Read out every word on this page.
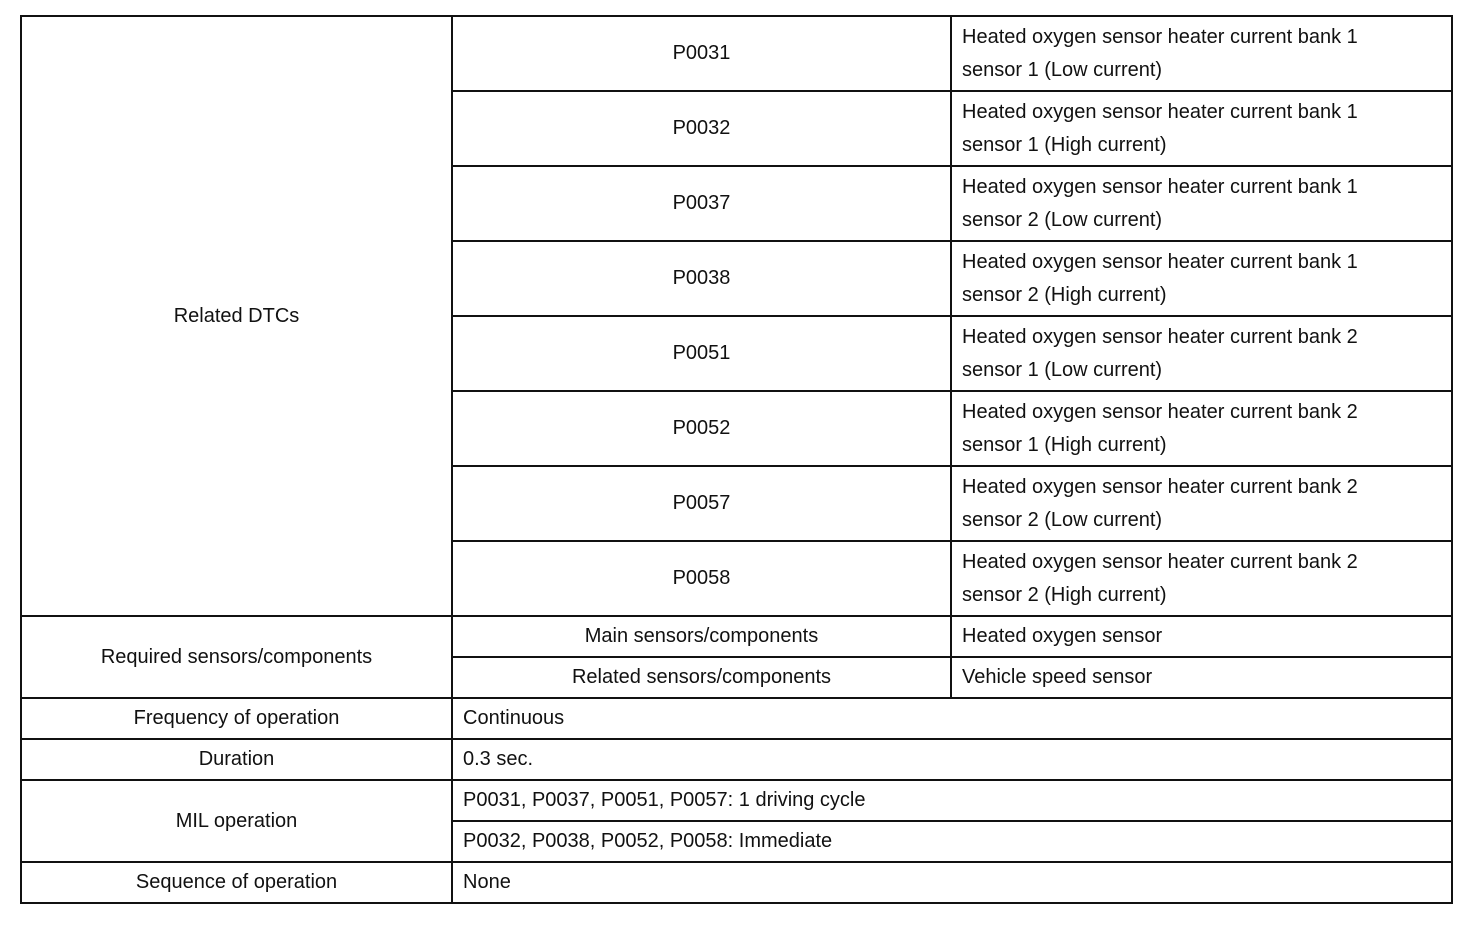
Related DTCs	P0031	Heated oxygen sensor heater current bank 1
sensor 1 (Low current)

	P0032	Heated oxygen sensor heater current bank 1
sensor 1 (High current)

	P0037	Heated oxygen sensor heater current bank 1
sensor 2 (Low current)

	P0038	Heated oxygen sensor heater current bank 1
sensor 2 (High current)

	P0051	Heated oxygen sensor heater current bank 2
sensor 1 (Low current)

	P0052	Heated oxygen sensor heater current bank 2
sensor 1 (High current)

	P0057	Heated oxygen sensor heater current bank 2
sensor 2 (Low current)

	P0058	Heated oxygen sensor heater current bank 2
sensor 2 (High current)

Required sensors/components	Main sensors/components	Heated oxygen sensor
	Related sensors/components	Vehicle speed sensor
Frequency of operation	Continuous	
Duration	0.3 sec.	
MIL operation	P0031, P0037, P0051, P0057: 1 driving cycle	
	P0032, P0038, P0052, P0058: Immediate	
Sequence of operation	None	
